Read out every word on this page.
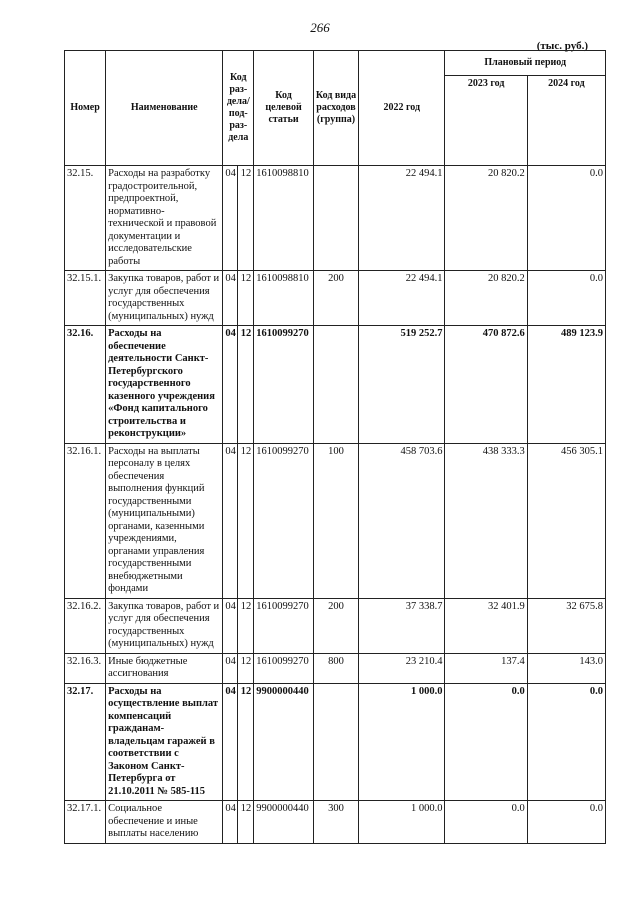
266
(тыс. руб.)
Номер	Наименование	Код раз-дела/ под-раз-дела		Код целевой статьи	Код вида расходов (группа)	2022 год	Плановый период	
							2023 год	2024 год
32.15.	Расходы на разработку градостроительной, предпроектной, нормативно-технической и правовой документации и исследовательские работы	04	12	1610098810		22 494.1	20 820.2	0.0
32.15.1.	Закупка товаров, работ и услуг для обеспечения государственных (муниципальных) нужд	04	12	1610098810	200	22 494.1	20 820.2	0.0
32.16.	Расходы на обеспечение деятельности Санкт-Петербургского государственного казенного учреждения «Фонд капитального строительства и реконструкции»	04	12	1610099270		519 252.7	470 872.6	489 123.9
32.16.1.	Расходы на выплаты персоналу в целях обеспечения выполнения функций государственными (муниципальными) органами, казенными учреждениями, органами управления государственными внебюджетными фондами	04	12	1610099270	100	458 703.6	438 333.3	456 305.1
32.16.2.	Закупка товаров, работ и услуг для обеспечения государственных (муниципальных) нужд	04	12	1610099270	200	37 338.7	32 401.9	32 675.8
32.16.3.	Иные бюджетные ассигнования	04	12	1610099270	800	23 210.4	137.4	143.0
32.17.	Расходы на осуществление выплат компенсаций гражданам-владельцам гаражей в соответствии с Законом Санкт-Петербурга от 21.10.2011 № 585-115	04	12	9900000440		1 000.0	0.0	0.0
32.17.1.	Социальное обеспечение и иные выплаты населению	04	12	9900000440	300	1 000.0	0.0	0.0
